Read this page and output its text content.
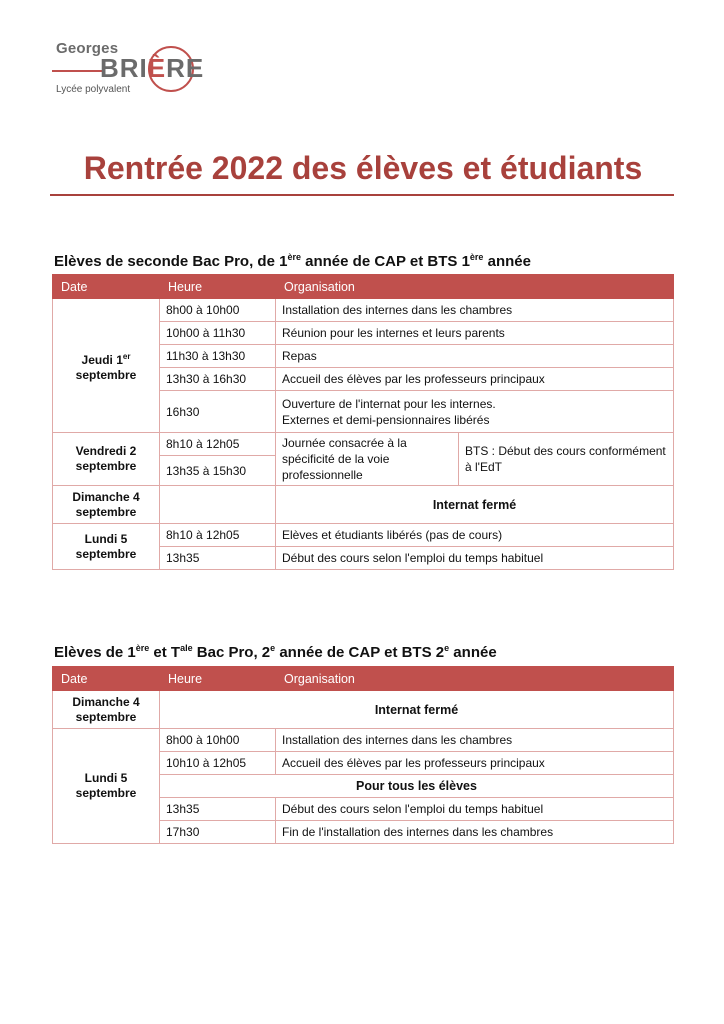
Georges
BRIÈRE
Lycée polyvalent
Rentrée 2022 des élèves et étudiants
Elèves de seconde Bac Pro, de 1ère année de CAP et BTS 1ère année
Date	Heure	Organisation	
Jeudi 1er
septembre	8h00 à 10h00	Installation des internes dans les chambres	
	10h00 à 11h30	Réunion pour les internes et leurs parents	
	11h30 à 13h30	Repas	
	13h30 à 16h30	Accueil des élèves par les professeurs principaux	
	16h30	Ouverture de l'internat pour les internes.
Externes et demi-pensionnaires libérés	
Vendredi 2
septembre	8h10 à 12h05	Journée consacrée à la spécificité de la voie professionnelle	BTS : Début des cours conformément à l'EdT
	13h35 à 15h30		
Dimanche 4
septembre		Internat fermé	
Lundi 5
septembre	8h10 à 12h05	Elèves et étudiants libérés (pas de cours)	
	13h35	Début des cours selon l'emploi du temps habituel	
Elèves de 1ère et $T^{ale}$ Bac Pro, 2e année de CAP et BTS 2e année
Date	Heure	Organisation
Dimanche 4
septembre	Internat fermé	
Lundi 5
septembre	8h00 à 10h00	Installation des internes dans les chambres
	10h10 à 12h05	Accueil des élèves par les professeurs principaux
	Pour tous les élèves	
	13h35	Début des cours selon l'emploi du temps habituel
	17h30	Fin de l'installation des internes dans les chambres
